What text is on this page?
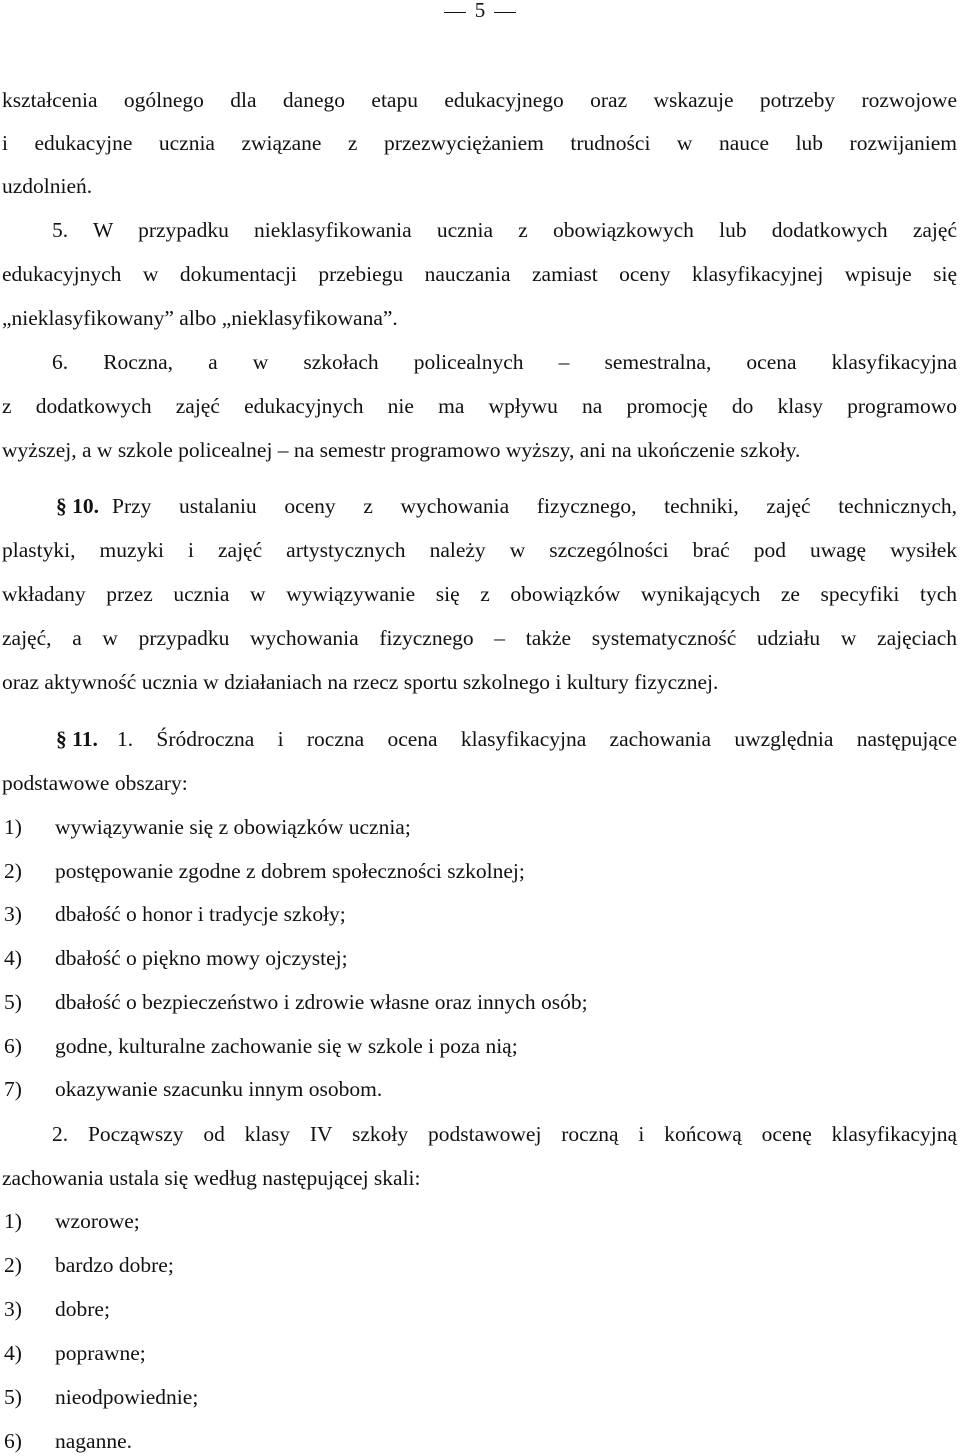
5
kształcenia ogólnego dla danego etapu edukacyjnego oraz wskazuje potrzeby rozwojowe
i edukacyjne ucznia związane z przezwyciężaniem trudności w nauce lub rozwijaniem
uzdolnień.
5. W przypadku nieklasyfikowania ucznia z obowiązkowych lub dodatkowych zajęć
edukacyjnych w dokumentacji przebiegu nauczania zamiast oceny klasyfikacyjnej wpisuje się
„nieklasyfikowany” albo „nieklasyfikowana”.
6. Roczna, a w szkołach policealnych – semestralna, ocena klasyfikacyjna
z dodatkowych zajęć edukacyjnych nie ma wpływu na promocję do klasy programowo
wyższej, a w szkole policealnej – na semestr programowo wyższy, ani na ukończenie szkoły.
§ 10. Przy ustalaniu oceny z wychowania fizycznego, techniki, zajęć technicznych,
plastyki, muzyki i zajęć artystycznych należy w szczególności brać pod uwagę wysiłek
wkładany przez ucznia w wywiązywanie się z obowiązków wynikających ze specyfiki tych
zajęć, a w przypadku wychowania fizycznego – także systematyczność udziału w zajęciach
oraz aktywność ucznia w działaniach na rzecz sportu szkolnego i kultury fizycznej.
§ 11. 1. Śródroczna i roczna ocena klasyfikacyjna zachowania uwzględnia następujące
podstawowe obszary:
1) wywiązywanie się z obowiązków ucznia;
2) postępowanie zgodne z dobrem społeczności szkolnej;
3) dbałość o honor i tradycje szkoły;
4) dbałość o piękno mowy ojczystej;
5) dbałość o bezpieczeństwo i zdrowie własne oraz innych osób;
6) godne, kulturalne zachowanie się w szkole i poza nią;
7) okazywanie szacunku innym osobom.
2. Począwszy od klasy IV szkoły podstawowej roczną i końcową ocenę klasyfikacyjną
zachowania ustala się według następującej skali:
1) wzorowe;
2) bardzo dobre;
3) dobre;
4) poprawne;
5) nieodpowiednie;
6) naganne.
